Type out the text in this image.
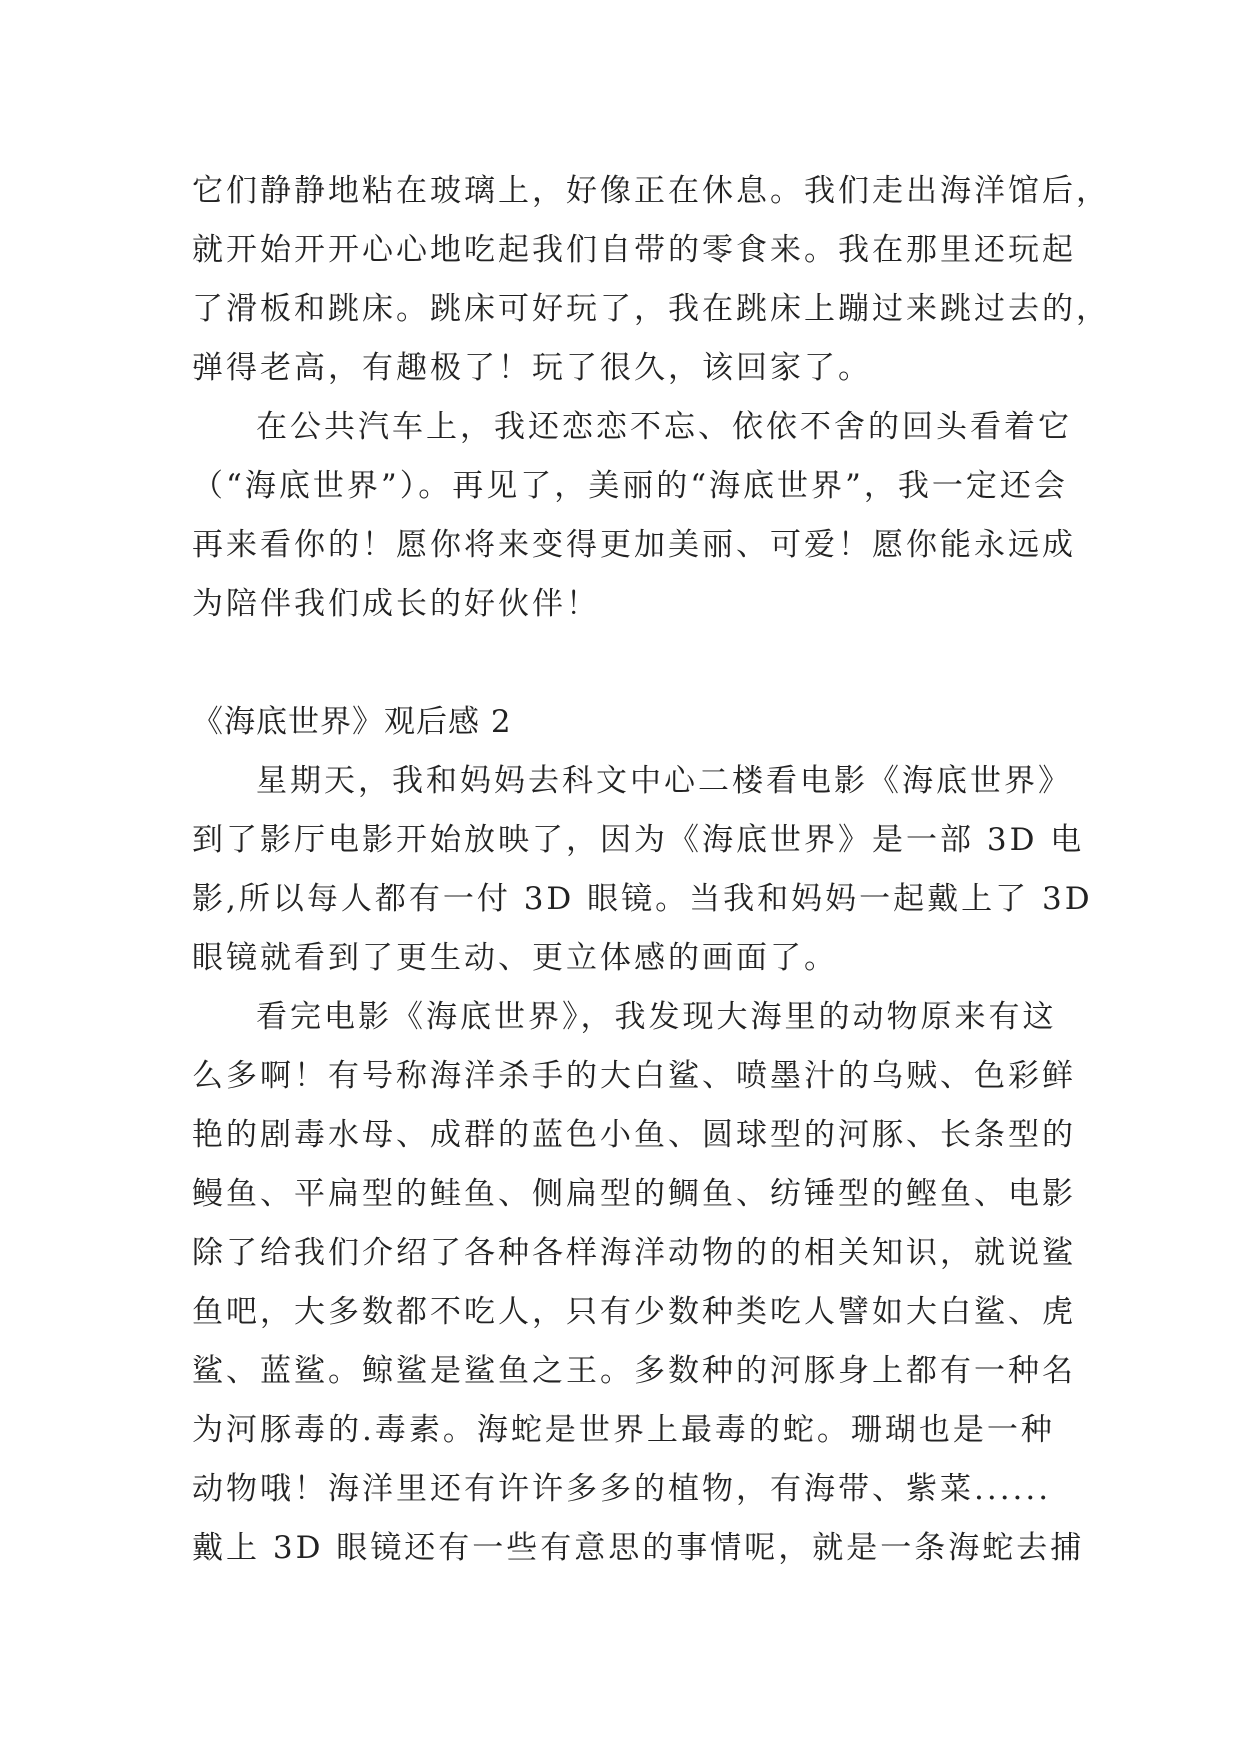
它们静静地粘在玻璃上，好像正在休息。我们走出海洋馆后，
就开始开开心心地吃起我们自带的零食来。我在那里还玩起
了滑板和跳床。跳床可好玩了，我在跳床上蹦过来跳过去的，
弹得老高，有趣极了！玩了很久，该回家了。
在公共汽车上，我还恋恋不忘、依依不舍的回头看着它
（“海底世界”）。再见了，美丽的“海底世界”，我一定还会
再来看你的！愿你将来变得更加美丽、可爱！愿你能永远成
为陪伴我们成长的好伙伴！
《海底世界》观后感 2
星期天，我和妈妈去科文中心二楼看电影《海底世界》
到了影厅电影开始放映了，因为《海底世界》是一部 3D 电
影,所以每人都有一付 3D 眼镜。当我和妈妈一起戴上了 3D
眼镜就看到了更生动、更立体感的画面了。
看完电影《海底世界》，我发现大海里的动物原来有这
么多啊！有号称海洋杀手的大白鲨、喷墨汁的乌贼、色彩鲜
艳的剧毒水母、成群的蓝色小鱼、圆球型的河豚、长条型的
鳗鱼、平扁型的鲑鱼、侧扁型的鲷鱼、纺锤型的鲣鱼、电影
除了给我们介绍了各种各样海洋动物的的相关知识，就说鲨
鱼吧，大多数都不吃人，只有少数种类吃人譬如大白鲨、虎
鲨、蓝鲨。鲸鲨是鲨鱼之王。多数种的河豚身上都有一种名
为河豚毒的.毒素。海蛇是世界上最毒的蛇。珊瑚也是一种
动物哦！海洋里还有许许多多的植物，有海带、紫菜......
戴上 3D 眼镜还有一些有意思的事情呢，就是一条海蛇去捕
